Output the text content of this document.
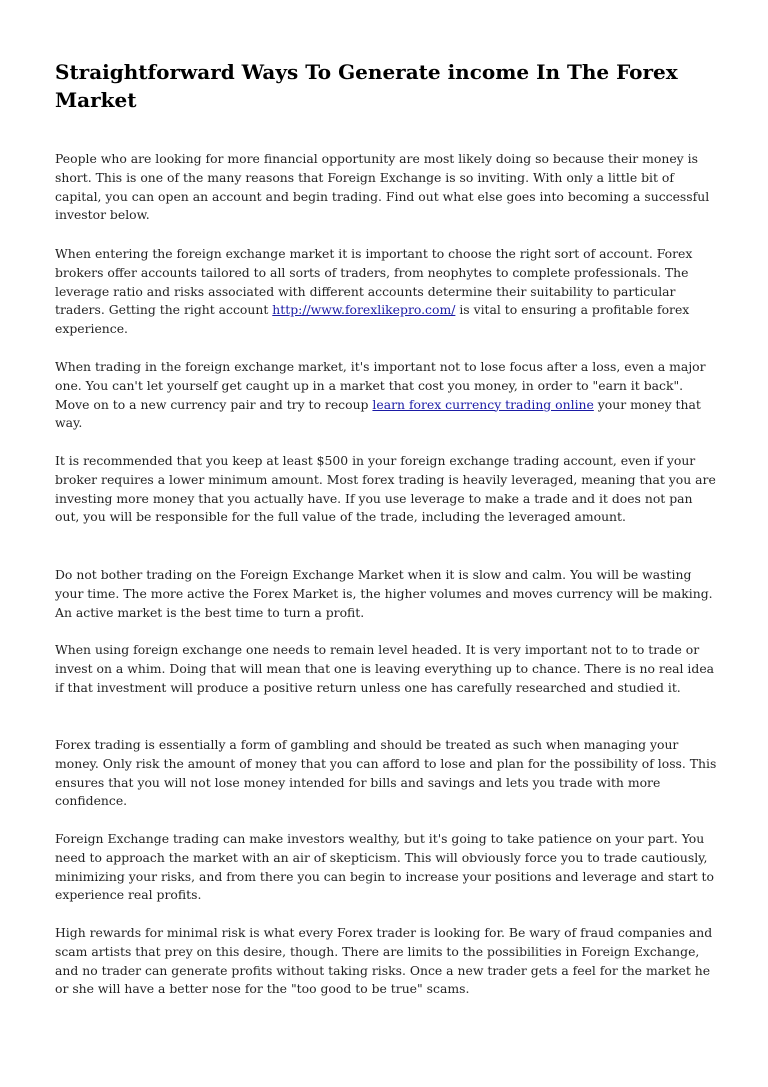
Straightforward Ways To Generate income In The Forex Market

People who are looking for more financial opportunity are most likely doing so because their money is short. This is one of the many reasons that Foreign Exchange is so inviting. With only a little bit of capital, you can open an account and begin trading. Find out what else goes into becoming a successful investor below.

When entering the foreign exchange market it is important to choose the right sort of account. Forex brokers offer accounts tailored to all sorts of traders, from neophytes to complete professionals. The leverage ratio and risks associated with different accounts determine their suitability to particular traders. Getting the right account http://www.forexlikepro.com/ is vital to ensuring a profitable forex experience.

When trading in the foreign exchange market, it's important not to lose focus after a loss, even a major one. You can't let yourself get caught up in a market that cost you money, in order to "earn it back". Move on to a new currency pair and try to recoup learn forex currency trading online your money that way.

It is recommended that you keep at least $500 in your foreign exchange trading account, even if your broker requires a lower minimum amount. Most forex trading is heavily leveraged, meaning that you are investing more money that you actually have. If you use leverage to make a trade and it does not pan out, you will be responsible for the full value of the trade, including the leveraged amount.

Do not bother trading on the Foreign Exchange Market when it is slow and calm. You will be wasting your time. The more active the Forex Market is, the higher volumes and moves currency will be making. An active market is the best time to turn a profit.

When using foreign exchange one needs to remain level headed. It is very important not to to trade or invest on a whim. Doing that will mean that one is leaving everything up to chance. There is no real idea if that investment will produce a positive return unless one has carefully researched and studied it.

Forex trading is essentially a form of gambling and should be treated as such when managing your money. Only risk the amount of money that you can afford to lose and plan for the possibility of loss. This ensures that you will not lose money intended for bills and savings and lets you trade with more confidence.

Foreign Exchange trading can make investors wealthy, but it's going to take patience on your part. You need to approach the market with an air of skepticism. This will obviously force you to trade cautiously, minimizing your risks, and from there you can begin to increase your positions and leverage and start to experience real profits.

High rewards for minimal risk is what every Forex trader is looking for. Be wary of fraud companies and scam artists that prey on this desire, though. There are limits to the possibilities in Foreign Exchange, and no trader can generate profits without taking risks. Once a new trader gets a feel for the market he or she will have a better nose for the "too good to be true" scams.
